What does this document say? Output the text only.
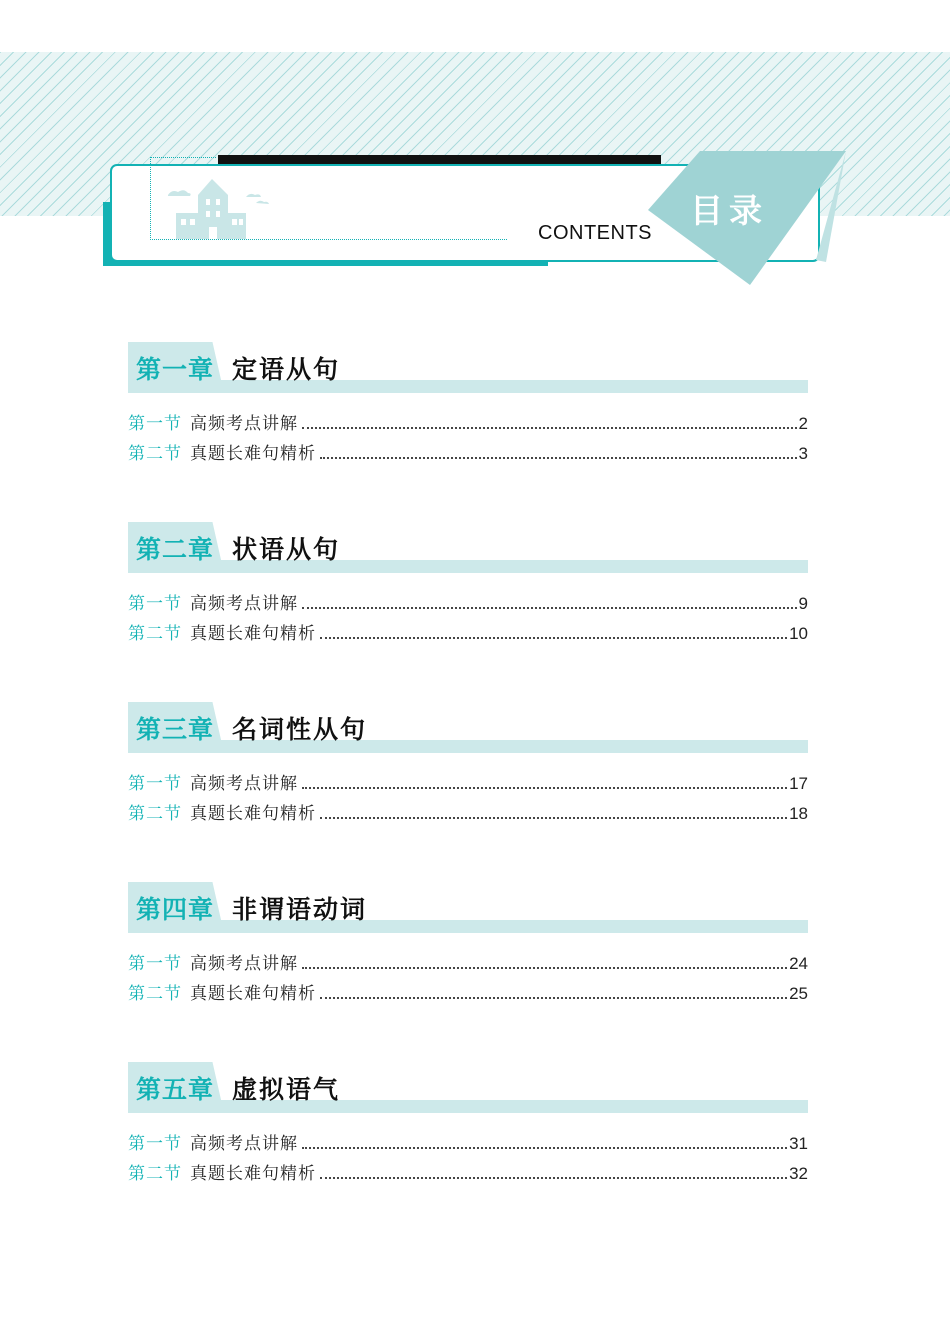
CONTENTS
目录
第一章 定语从句
第一节 高频考点讲解	2
第二节 真题长难句精析	3
第二章 状语从句
第一节 高频考点讲解	9
第二节 真题长难句精析	10
第三章 名词性从句
第一节 高频考点讲解	17
第二节 真题长难句精析	18
第四章 非谓语动词
第一节 高频考点讲解	24
第二节 真题长难句精析	25
第五章 虚拟语气
第一节 高频考点讲解	31
第二节 真题长难句精析	32
